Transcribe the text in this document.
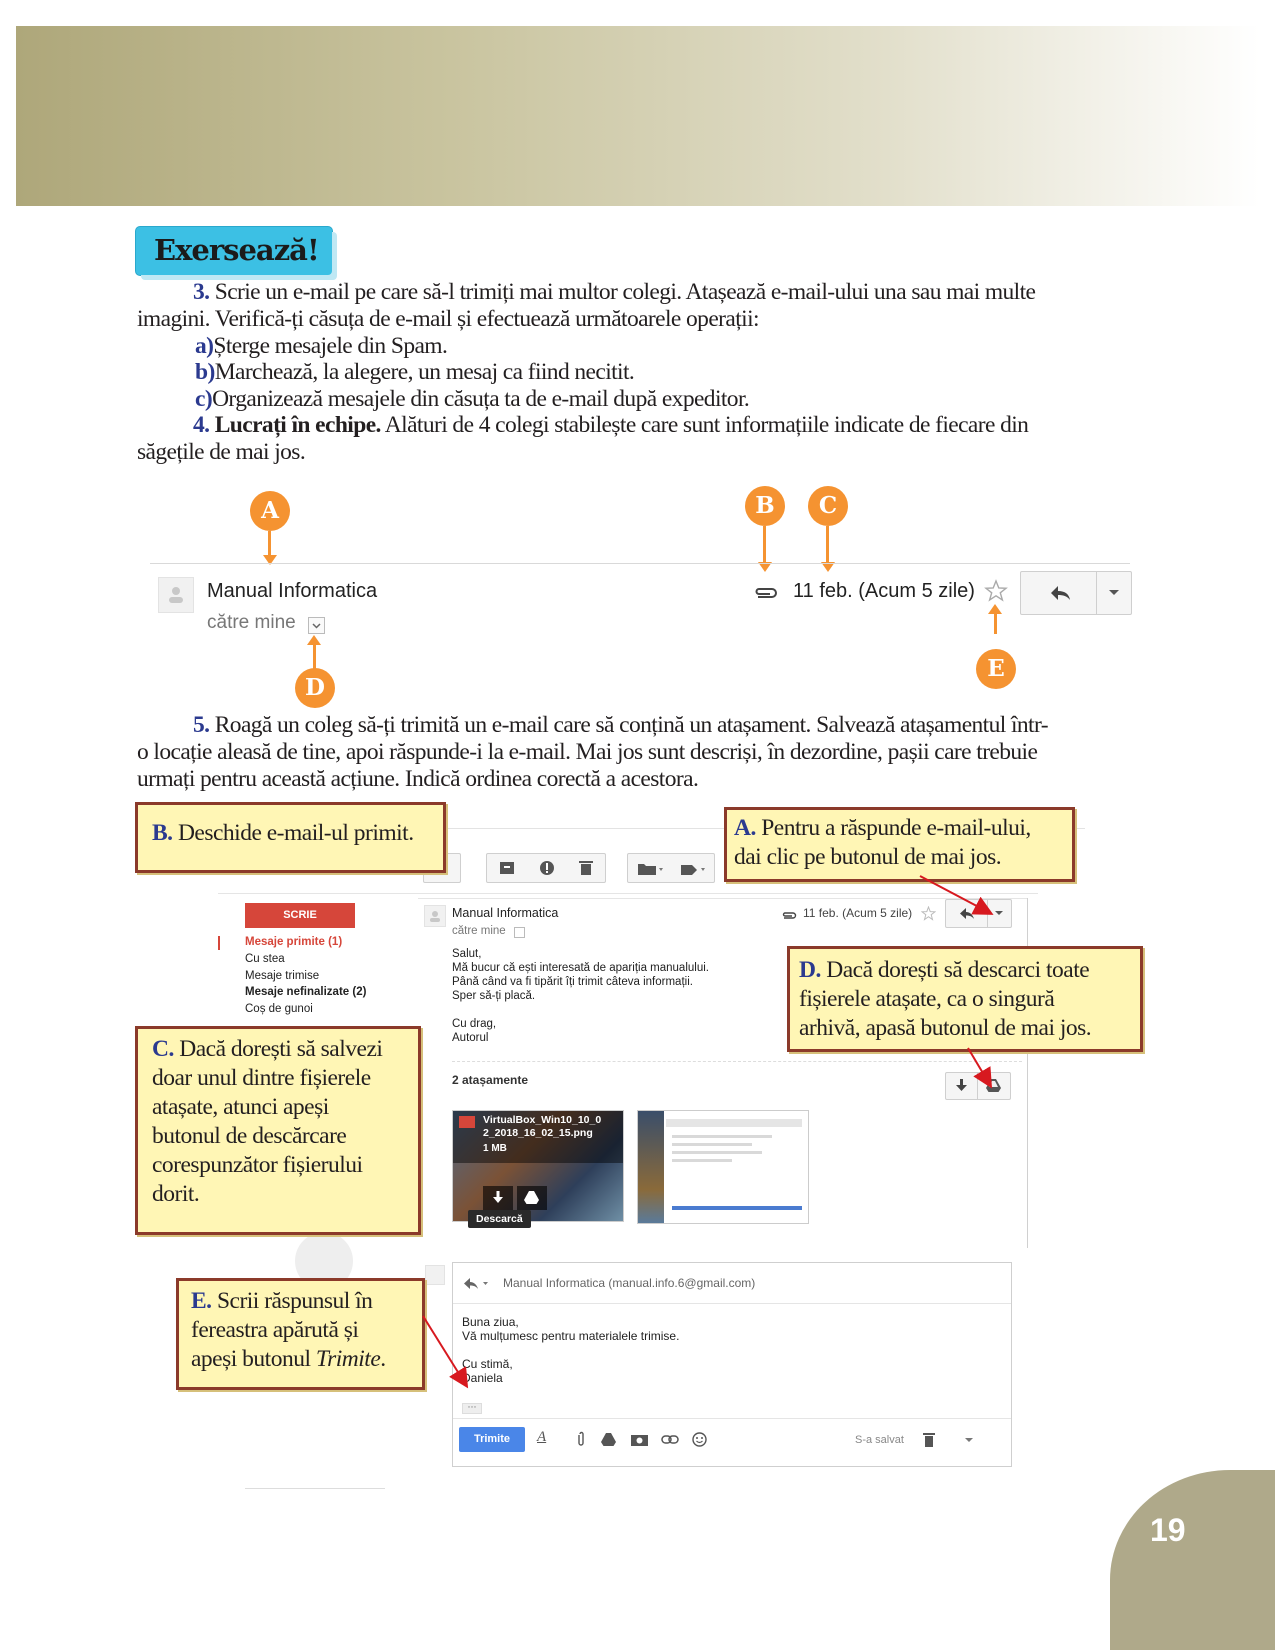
Exersează!
3. Scrie un e-mail pe care să-l trimiți mai multor colegi. Atașează e-mail-ului una sau mai multe
imagini. Verifică-ți căsuța de e-mail și efectuează următoarele operații:
a)Șterge mesajele din Spam.
b)Marchează, la alegere, un mesaj ca fiind necitit.
c)Organizează mesajele din căsuța ta de e-mail după expeditor.
4. Lucrați în echipe. Alături de 4 colegi stabilește care sunt informațiile indicate de fiecare din
săgețile de mai jos.
A	B	C
Manual Informatica
către mine
D
11 feb. (Acum 5 zile)
E
5. Roagă un coleg să-ți trimită un e-mail care să conțină un atașament. Salvează atașamentul într-
o locație aleasă de tine, apoi răspunde-i la e-mail. Mai jos sunt descriși, în dezordine, pașii care trebuie
urmați pentru această acțiune. Indică ordinea corectă a acestora.
SCRIE
Mesaje primite (1)
Cu stea
Mesaje trimise
Mesaje nefinalizate (2)
Coș de gunoi
Manual Informatica
către mine
11 feb. (Acum 5 zile)
Salut,
Mă bucur că ești interesată de apariția manualului.
Până când va fi tipărit îți trimit câteva informații.
Sper să-ți placă.
Cu drag,
Autorul
2 atașamente
VirtualBox_Win10_10_0
2_2018_16_02_15.png
1 MB
Descarcă
Manual Informatica (manual.info.6@gmail.com)
Buna ziua,
Vă mulțumesc pentru materialele trimise.
Cu stimă,
Daniela
···
Trimite	A	S-a salvat
B. Deschide e-mail-ul primit.	A. Pentru a răspunde e-mail-ului,
dai clic pe butonul de mai jos.
D. Dacă dorești să descarci toate
fișierele atașate, ca o singură
arhivă, apasă butonul de mai jos.
C. Dacă dorești să salvezi
doar unul dintre fișierele
atașate, atunci apeși
butonul de descărcare
corespunzător fișierului
dorit.
E. Scrii răspunsul în
fereastra apărută și
apeși butonul Trimite.
19
